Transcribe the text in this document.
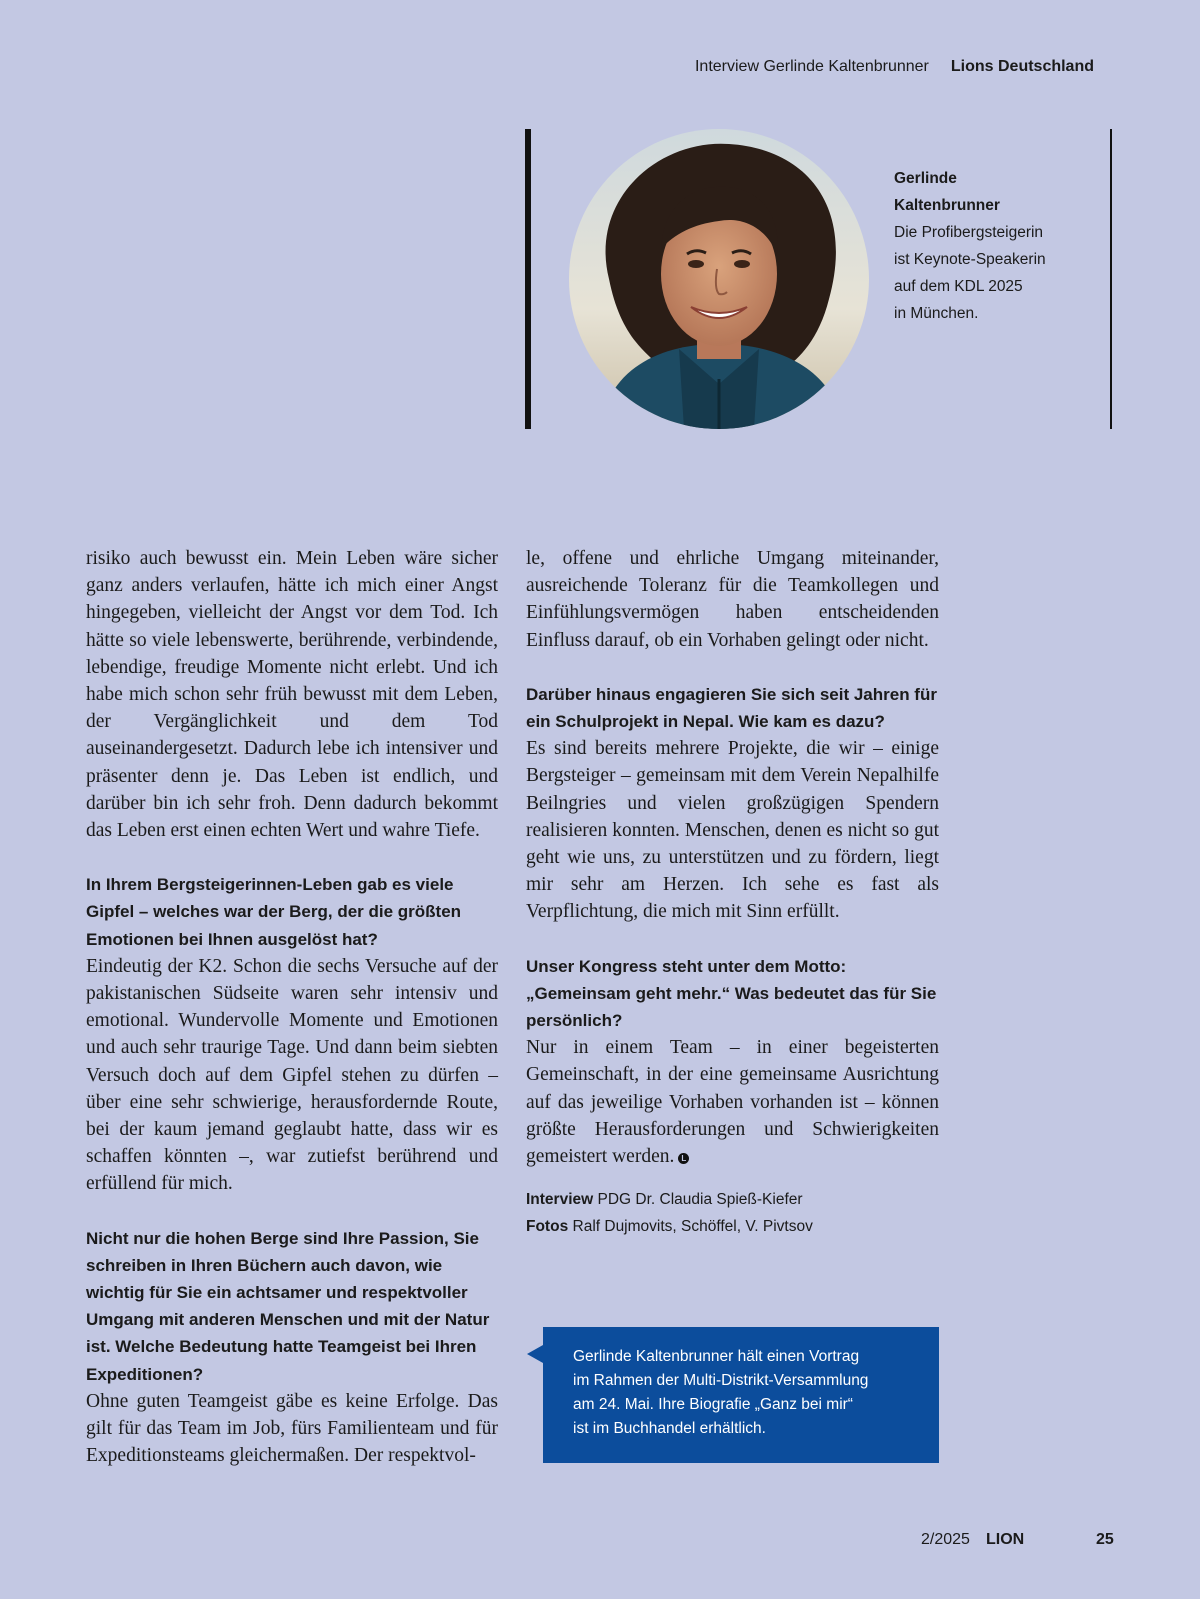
Interview Gerlinde Kaltenbrunner Lions Deutschland
Gerlinde
Kaltenbrunner
Die Profibergsteigerin
ist Keynote-Speakerin
auf dem KDL 2025
in München.

risiko auch bewusst ein. Mein Leben wäre sicher ganz anders verlaufen, hätte ich mich einer Angst hingegeben, vielleicht der Angst vor dem Tod. Ich hätte so viele lebenswerte, berührende, verbindende, lebendige, freudige Momente nicht erlebt. Und ich habe mich schon sehr früh bewusst mit dem Leben, der Vergänglichkeit und dem Tod auseinandergesetzt. Dadurch lebe ich intensiver und präsenter denn je. Das Leben ist endlich, und darüber bin ich sehr froh. Denn dadurch bekommt das Leben erst einen echten Wert und wahre Tiefe.

In Ihrem Bergsteigerinnen-Leben gab es viele Gipfel – welches war der Berg, der die größten Emotionen bei Ihnen ausgelöst hat?

Eindeutig der K2. Schon die sechs Versuche auf der pakistanischen Südseite waren sehr intensiv und emotional. Wundervolle Momente und Emotionen und auch sehr traurige Tage. Und dann beim siebten Versuch doch auf dem Gipfel stehen zu dürfen – über eine sehr schwierige, herausfordernde Route, bei der kaum jemand geglaubt hatte, dass wir es schaffen könnten –, war zutiefst berührend und erfüllend für mich.

Nicht nur die hohen Berge sind Ihre Passion, Sie schreiben in Ihren Büchern auch davon, wie wichtig für Sie ein achtsamer und respektvoller Umgang mit anderen Menschen und mit der Natur ist. Welche Bedeutung hatte Teamgeist bei Ihren Expeditionen?

Ohne guten Teamgeist gäbe es keine Erfolge. Das gilt für das Team im Job, fürs Familienteam und für Expeditionsteams gleichermaßen. Der respektvol-

le, offene und ehrliche Umgang miteinander, ausreichende Toleranz für die Teamkollegen und Einfühlungsvermögen haben entscheidenden Einfluss darauf, ob ein Vorhaben gelingt oder nicht.

Darüber hinaus engagieren Sie sich seit Jahren für ein Schulprojekt in Nepal. Wie kam es dazu?

Es sind bereits mehrere Projekte, die wir – einige Bergsteiger – gemeinsam mit dem Verein Nepalhilfe Beilngries und vielen großzügigen Spendern realisieren konnten. Menschen, denen es nicht so gut geht wie uns, zu unterstützen und zu fördern, liegt mir sehr am Herzen. Ich sehe es fast als Verpflichtung, die mich mit Sinn erfüllt.

Unser Kongress steht unter dem Motto: „Gemeinsam geht mehr.“ Was bedeutet das für Sie persönlich?

Nur in einem Team – in einer begeisterten Gemeinschaft, in der eine gemeinsame Ausrichtung auf das jeweilige Vorhaben vorhanden ist – können größte Herausforderungen und Schwierigkeiten gemeistert werden. L

Interview PDG Dr. Claudia Spieß-Kiefer
Fotos Ralf Dujmovits, Schöffel, V. Pivtsov
Gerlinde Kaltenbrunner hält einen Vortrag
im Rahmen der Multi-Distrikt-Versammlung
am 24. Mai. Ihre Biografie „Ganz bei mir“
ist im Buchhandel erhältlich.
2/2025 LION	25
